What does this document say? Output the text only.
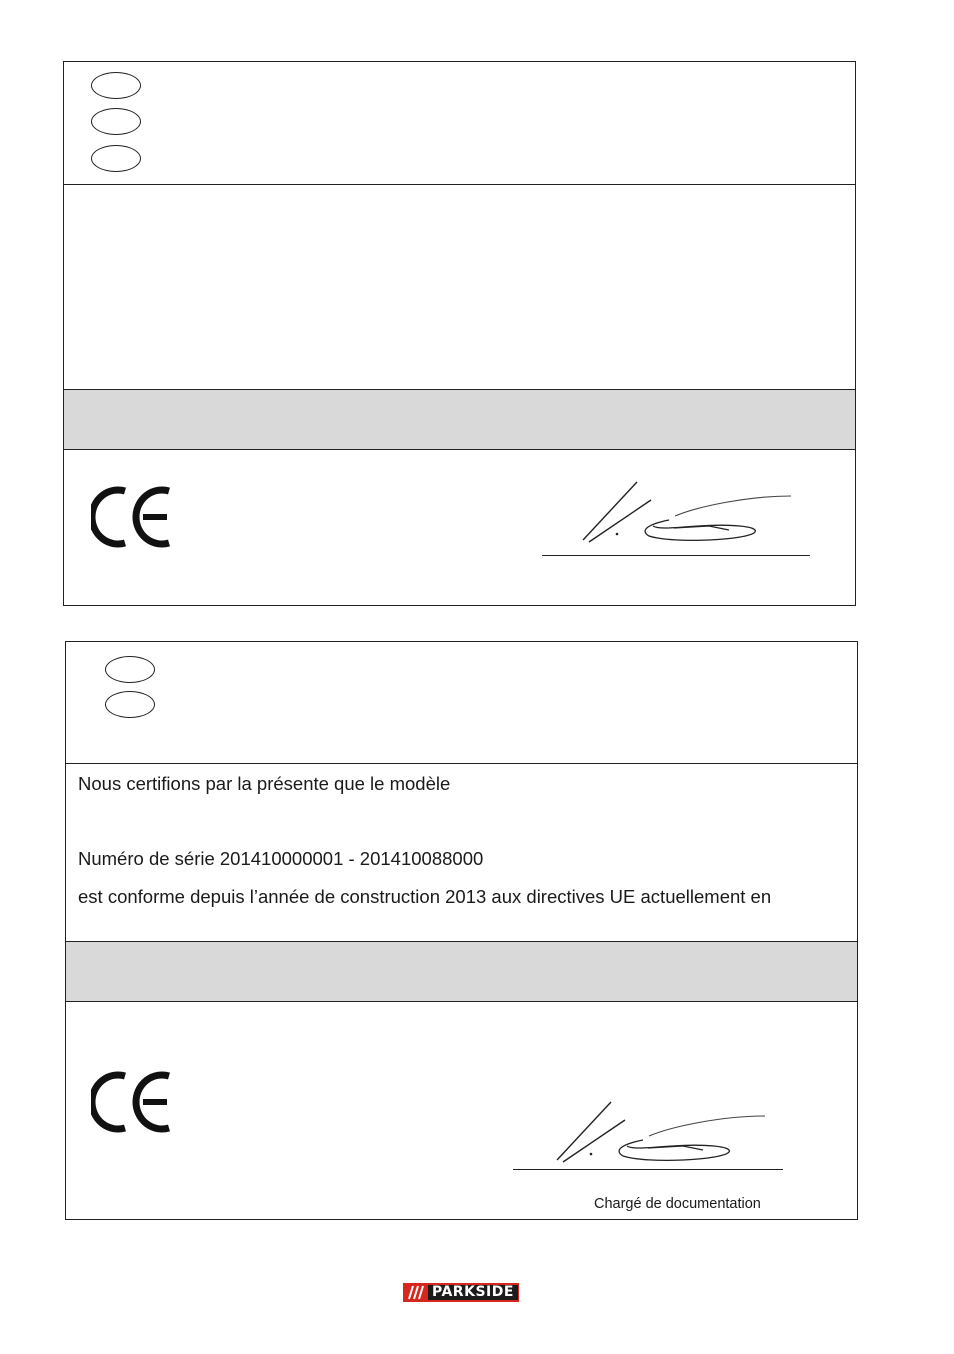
Nous certifions par la présente que le modèle
Numéro de série 201410000001 - 201410088000
est conforme depuis l’année de construction 2013 aux directives UE actuellement en
Chargé de documentation
PARKSIDE
